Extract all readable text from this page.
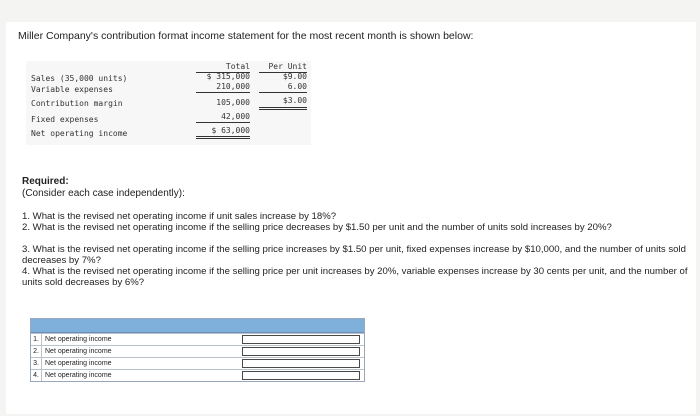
Miller Company's contribution format income statement for the most recent month is shown below:
Total	Per Unit
Sales (35,000 units)	$ 315,000	$9.00
Variable expenses	210,000	6.00
Contribution margin	105,000	$3.00
Fixed expenses	42,000
Net operating income	$ 63,000
Required:
(Consider each case independently):
1. What is the revised net operating income if unit sales increase by 18%?
2. What is the revised net operating income if the selling price decreases by $1.50 per unit and the number of units sold increases by 20%?
3. What is the revised net operating income if the selling price increases by $1.50 per unit, fixed expenses increase by $10,000, and the number of units sold decreases by 7%?
4. What is the revised net operating income if the selling price per unit increases by 20%, variable expenses increase by 30 cents per unit, and the number of units sold decreases by 6%?
1. Net operating income
2. Net operating income
3. Net operating income
4. Net operating income
